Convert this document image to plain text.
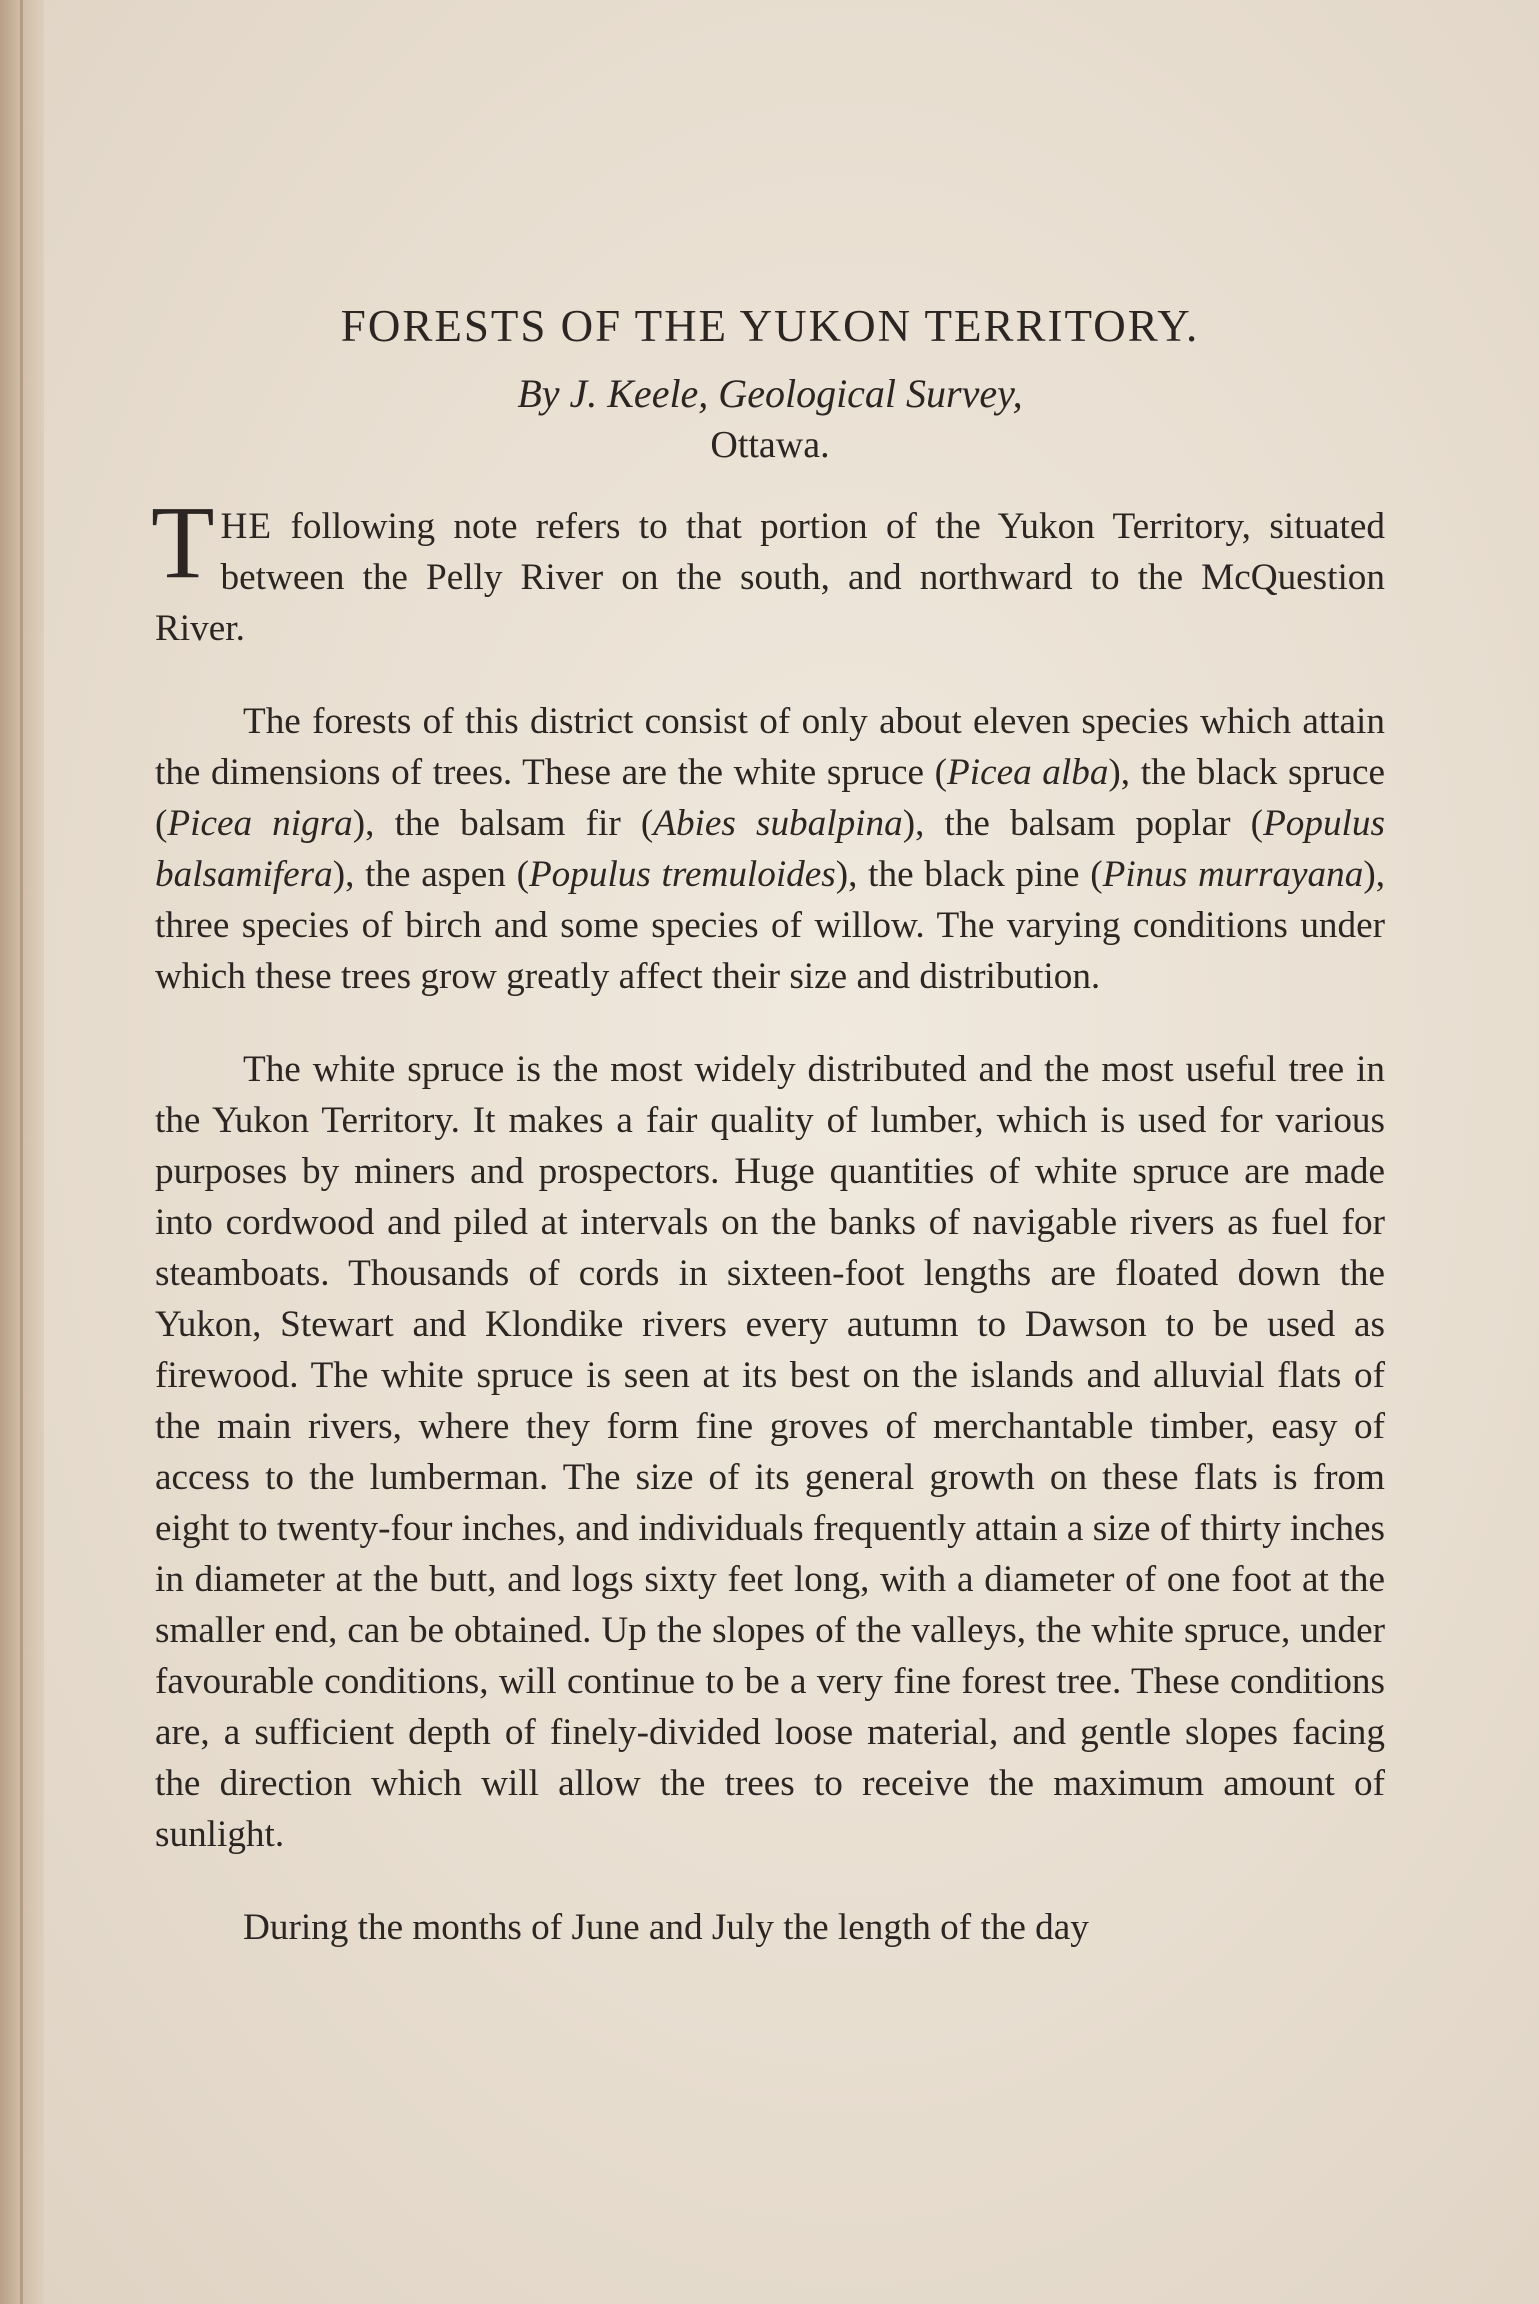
FORESTS OF THE YUKON TERRITORY.
By J. Keele, Geological Survey,
Ottawa.

THE following note refers to that portion of the Yukon Territory, situated between the Pelly River on the south, and northward to the McQuestion River.

The forests of this district consist of only about eleven species which attain the dimensions of trees. These are the white spruce (Picea alba), the black spruce (Picea nigra), the balsam fir (Abies subalpina), the balsam poplar (Populus balsamifera), the aspen (Populus tremuloides), the black pine (Pinus murrayana), three species of birch and some species of willow. The varying conditions under which these trees grow greatly affect their size and distribution.

The white spruce is the most widely distributed and the most useful tree in the Yukon Territory. It makes a fair quality of lumber, which is used for various purposes by miners and prospectors. Huge quantities of white spruce are made into cordwood and piled at intervals on the banks of navigable rivers as fuel for steamboats. Thousands of cords in sixteen-foot lengths are floated down the Yukon, Stewart and Klondike rivers every autumn to Dawson to be used as firewood. The white spruce is seen at its best on the islands and alluvial flats of the main rivers, where they form fine groves of merchantable timber, easy of access to the lumberman. The size of its general growth on these flats is from eight to twenty-four inches, and individuals frequently attain a size of thirty inches in diameter at the butt, and logs sixty feet long, with a diameter of one foot at the smaller end, can be obtained. Up the slopes of the valleys, the white spruce, under favourable conditions, will continue to be a very fine forest tree. These conditions are, a sufficient depth of finely-divided loose material, and gentle slopes facing the direction which will allow the trees to receive the maximum amount of sunlight.

During the months of June and July the length of the day
